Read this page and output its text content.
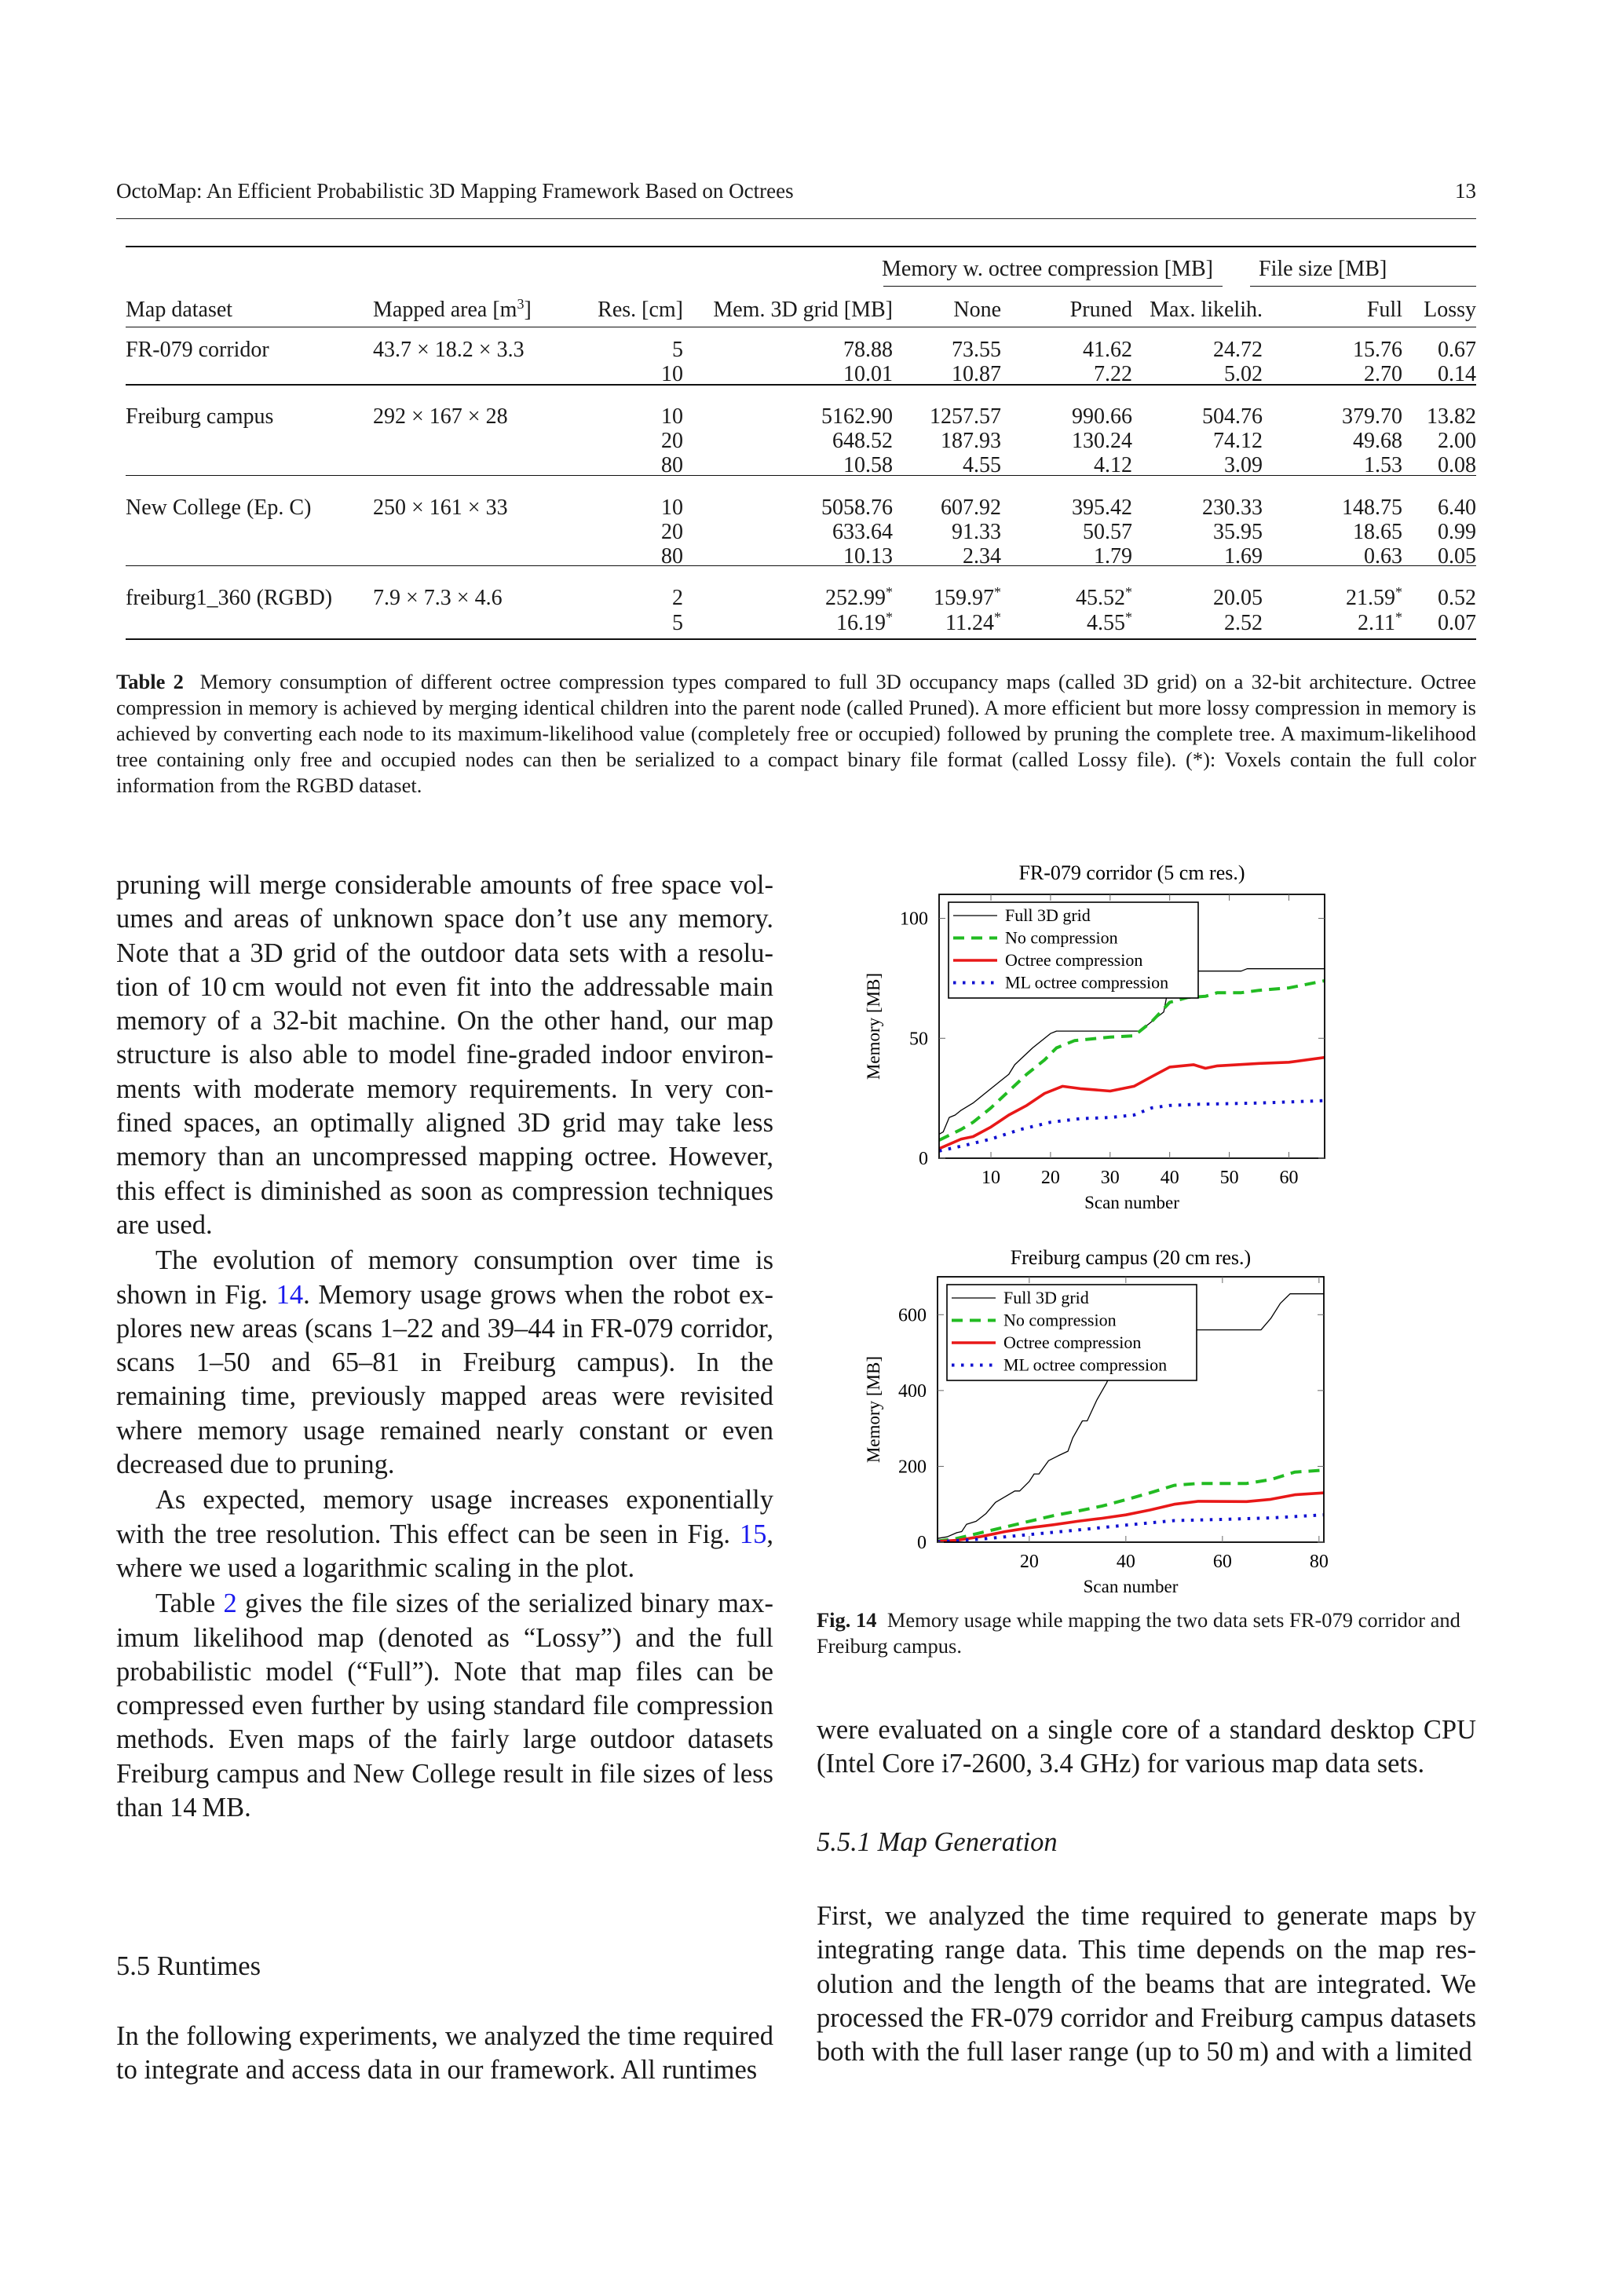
OctoMap: An Efficient Probabilistic 3D Mapping Framework Based on Octrees	13
Memory w. octree compression [MB] File size [MB]
Map dataset	Mapped area $[m^3]$	Res. [cm] Mem. 3D grid [MB]	None	Pruned Max. likelih.	Full Lossy
FR-079 corridor	43.7 × 18.2 × 3.3	5	78.88	73.55	41.62	24.72	15.76 0.67
10	10.01	10.87	7.22	5.02	2.70 0.14
Freiburg campus	292 × 167 × 28	10	5162.90 1257.57	990.66	504.76	379.70 13.82
20	648.52 187.93	130.24	74.12	49.68 2.00
80	10.58	4.55	4.12	3.09	1.53 0.08
New College (Ep. C)	250 × 161 × 33	10	5058.76 607.92	395.42	230.33	148.75 6.40
20	633.64	91.33	50.57	35.95	18.65 0.99
80	10.13	2.34	1.79	1.69	0.63 0.05
freiburg1_360 (RGBD) 7.9 × 7.3 × 4.6	2	252.99* 159.97*	45.52*	20.05	21.59* 0.52
5	16.19* 11.24*	4.55*	2.52	2.11* 0.07
Table 2 Memory consumption of different octree compression types compared to full 3D occupancy maps (called 3D grid) on a 32-bit architecture. Octree compression in memory is achieved by merging identical children into the parent node (called Pruned). A more efficient but more lossy compression in memory is achieved by converting each node to its maximum-likelihood value (completely free or occupied) followed by pruning the complete tree. A maximum-likelihood tree containing only free and occupied nodes can then be serialized to a compact binary file format (called Lossy file). (*): Voxels contain the full color information from the RGBD dataset.

pruning will merge considerable amounts of free space volumes and areas of unknown space don’t use any memory. Note that a 3D grid of the outdoor data sets with a resolution of 10 cm would not even fit into the addressable main memory of a 32-bit machine. On the other hand, our map structure is also able to model fine-graded indoor environments with moderate memory requirements. In very confined spaces, an optimally aligned 3D grid may take less memory than an uncompressed mapping octree. However, this effect is diminished as soon as compression techniques are used.

The evolution of memory consumption over time is shown in Fig. 14. Memory usage grows when the robot explores new areas (scans 1–22 and 39–44 in FR-079 corridor, scans 1–50 and 65–81 in Freiburg campus). In the remaining time, previously mapped areas were revisited where memory usage remained nearly constant or even decreased due to pruning.

As expected, memory usage increases exponentially with the tree resolution. This effect can be seen in Fig. 15, where we used a logarithmic scaling in the plot.

Table 2 gives the file sizes of the serialized binary maximum likelihood map (denoted as “Lossy”) and the full probabilistic model (“Full”). Note that map files can be compressed even further by using standard file compression methods. Even maps of the fairly large outdoor datasets Freiburg campus and New College result in file sizes of less than 14 MB.

5.5 Runtimes

In the following experiments, we analyzed the time required to integrate and access data in our framework. All runtimes

FR-079 corridor (5 cm res.)
10 20 30 40 50 60
0
50
100
Scan number
Memory [MB]
Full 3D grid
No compression
Octree compression
ML octree compression
Freiburg campus (20 cm res.)
20	40	60	80
0
200
400
600
Scan number
Memory [MB]
Full 3D grid
No compression
Octree compression
ML octree compression
Fig. 14 Memory usage while mapping the two data sets FR-079 corridor and Freiburg campus.

were evaluated on a single core of a standard desktop CPU (Intel Core i7-2600, 3.4 GHz) for various map data sets.

5.5.1 Map Generation

First, we analyzed the time required to generate maps by integrating range data. This time depends on the map resolution and the length of the beams that are integrated. We processed the FR-079 corridor and Freiburg campus datasets both with the full laser range (up to 50 m) and with a limited
